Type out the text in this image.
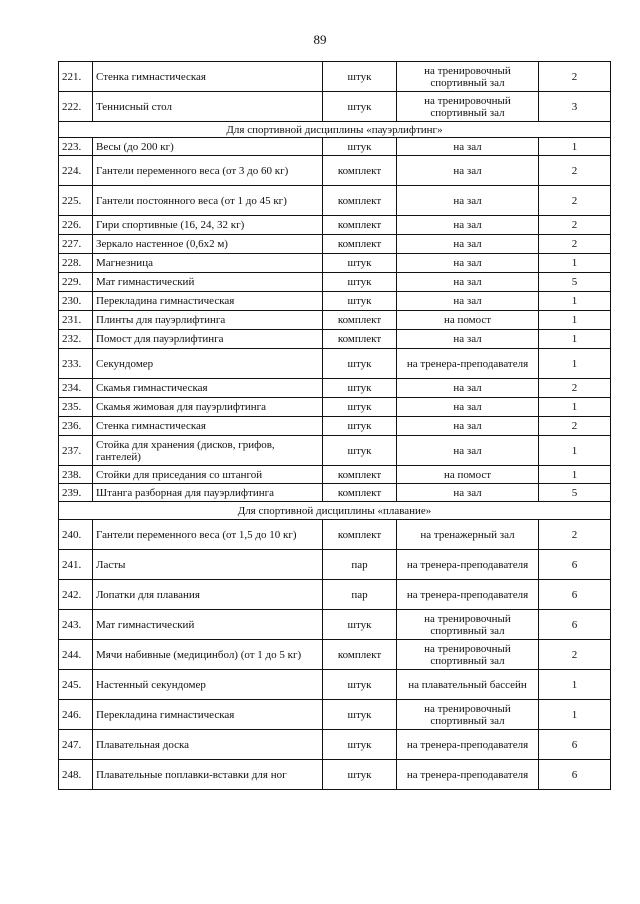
89
221.	Стенка гимнастическая	штук	на тренировочный спортивный зал	2
222.	Теннисный стол	штук	на тренировочный спортивный зал	3
Для спортивной дисциплины «пауэрлифтинг»				
223.	Весы (до 200 кг)	штук	на зал	1
224.	Гантели переменного веса (от 3 до 60 кг)	комплект	на зал	2
225.	Гантели постоянного веса (от 1 до 45 кг)	комплект	на зал	2
226.	Гири спортивные (16, 24, 32 кг)	комплект	на зал	2
227.	Зеркало настенное (0,6х2 м)	комплект	на зал	2
228.	Магнезница	штук	на зал	1
229.	Мат гимнастический	штук	на зал	5
230.	Перекладина гимнастическая	штук	на зал	1
231.	Плинты для пауэрлифтинга	комплект	на помост	1
232.	Помост для пауэрлифтинга	комплект	на зал	1
233.	Секундомер	штук	на тренера-преподавателя	1
234.	Скамья гимнастическая	штук	на зал	2
235.	Скамья жимовая для пауэрлифтинга	штук	на зал	1
236.	Стенка гимнастическая	штук	на зал	2
237.	Стойка для хранения (дисков, грифов, гантелей)	штук	на зал	1
238.	Стойки для приседания со штангой	комплект	на помост	1
239.	Штанга разборная для пауэрлифтинга	комплект	на зал	5
Для спортивной дисциплины «плавание»				
240.	Гантели переменного веса (от 1,5 до 10 кг)	комплект	на тренажерный зал	2
241.	Ласты	пар	на тренера-преподавателя	6
242.	Лопатки для плавания	пар	на тренера-преподавателя	6
243.	Мат гимнастический	штук	на тренировочный спортивный зал	6
244.	Мячи набивные (медицинбол) (от 1 до 5 кг)	комплект	на тренировочный спортивный зал	2
245.	Настенный секундомер	штук	на плавательный бассейн	1
246.	Перекладина гимнастическая	штук	на тренировочный спортивный зал	1
247.	Плавательная доска	штук	на тренера-преподавателя	6
248.	Плавательные поплавки-вставки для ног	штук	на тренера-преподавателя	6
